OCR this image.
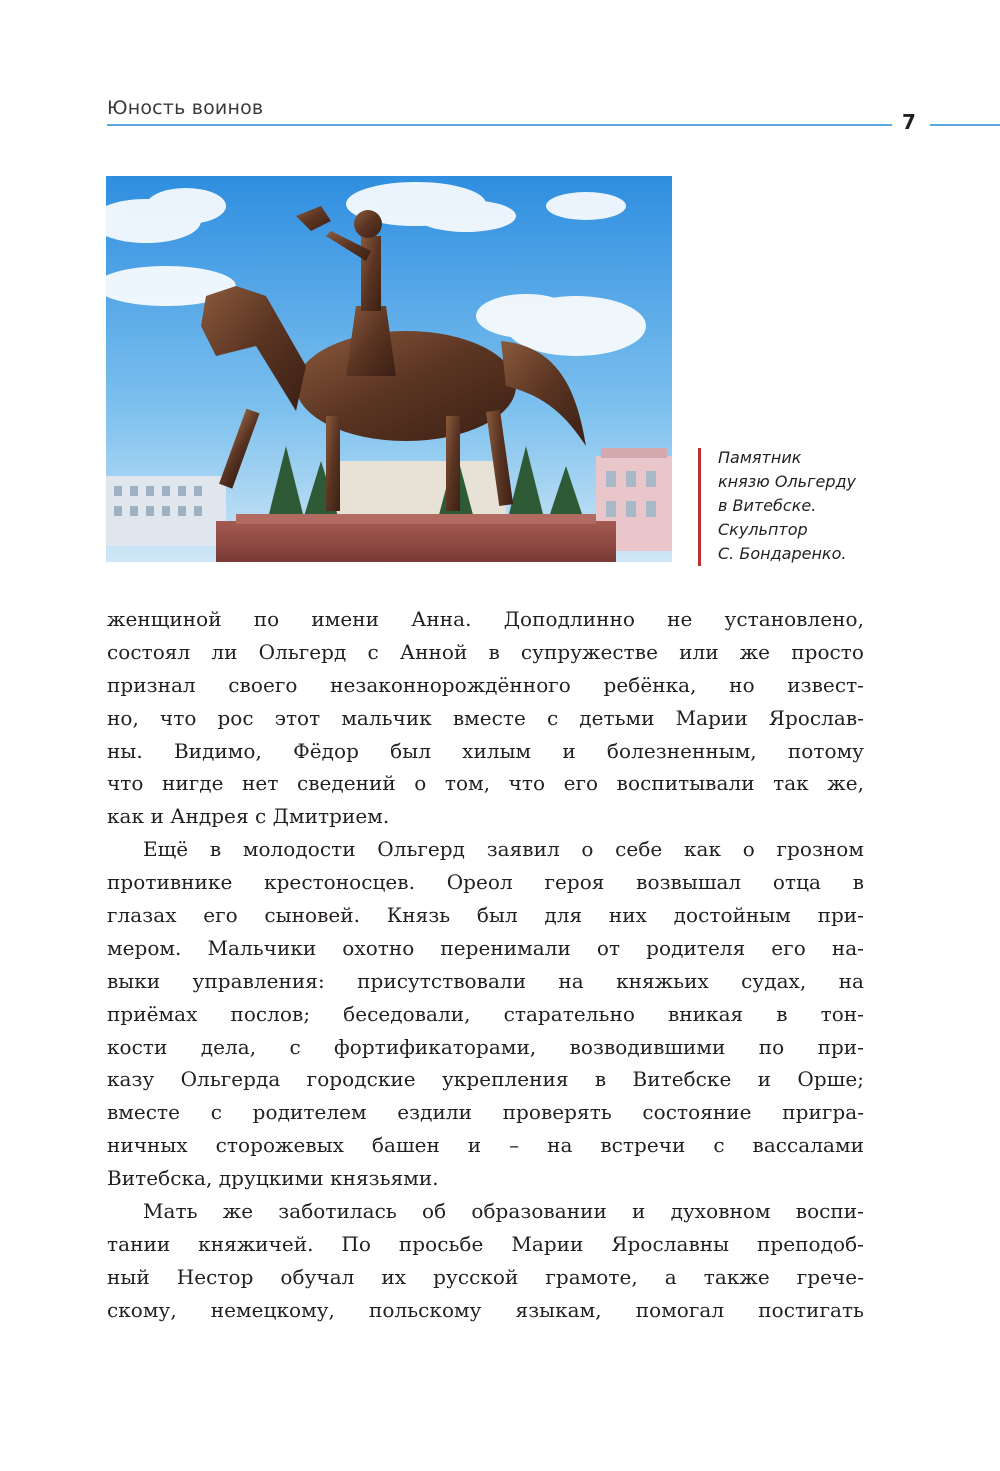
Юность воинов
7
Памятник
князю Ольгерду
в Витебске.
Скульптор
С. Бондаренко.
женщиной по имени Анна. Доподлинно не установлено,
состоял ли Ольгерд с Анной в супружестве или же просто
признал своего незаконнорождённого ребёнка, но извест-
но, что рос этот мальчик вместе с детьми Марии Ярослав-
ны. Видимо, Фёдор был хилым и болезненным, потому
что нигде нет сведений о том, что его воспитывали так же,
как и Андрея с Дмитрием.
Ещё в молодости Ольгерд заявил о себе как о грозном
противнике крестоносцев. Ореол героя возвышал отца в
глазах его сыновей. Князь был для них достойным при-
мером. Мальчики охотно перенимали от родителя его на-
выки управления: присутствовали на княжьих судах, на
приёмах послов; беседовали, старательно вникая в тон-
кости дела, с фортификаторами, возводившими по при-
казу Ольгерда городские укрепления в Витебске и Орше;
вместе с родителем ездили проверять состояние пригра-
ничных сторожевых башен и – на встречи с вассалами
Витебска, друцкими князьями.
Мать же заботилась об образовании и духовном воспи-
тании княжичей. По просьбе Марии Ярославны преподоб-
ный Нестор обучал их русской грамоте, а также грече-
скому, немецкому, польскому языкам, помогал постигать
